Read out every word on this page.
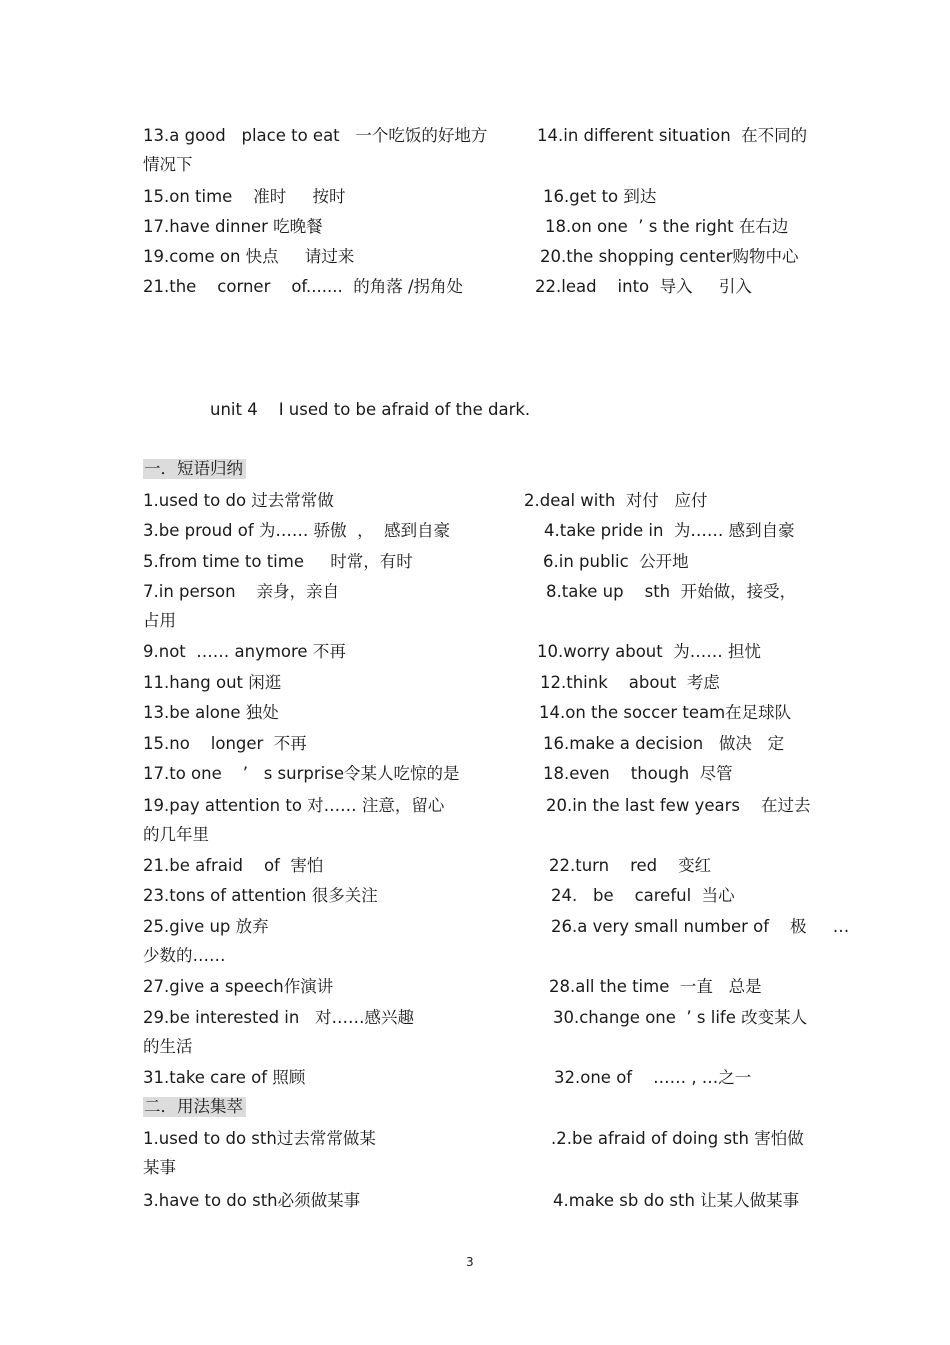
13.a good   place to eat   一个吃饭的好地方	14.in different situation  在不同的
情况下
15.on time    准时     按时	16.get to 到达
17.have dinner 吃晚餐	18.on one  ’ s the right 在右边
19.come on 快点     请过来	20.the shopping center购物中心
21.the    corner    of.......  的角落 /拐角处	22.lead    into  导入     引入
unit 4    I used to be afraid of the dark.
一．短语归纳
1.used to do 过去常常做	2.deal with  对付   应付
3.be proud of 为…… 骄傲  ，  感到自豪	4.take pride in  为…… 感到自豪
5.from time to time     时常，有时	6.in public  公开地
7.in person    亲身，亲自	8.take up    sth  开始做，接受，
占用
9.not  …… anymore 不再	10.worry about  为…… 担忧
11.hang out 闲逛	12.think    about  考虑
13.be alone 独处	14.on the soccer team在足球队
15.no    longer  不再	16.make a decision   做决   定
17.to one    ’   s surprise令某人吃惊的是	18.even    though  尽管
19.pay attention to 对…… 注意，留心	20.in the last few years    在过去
的几年里
21.be afraid    of  害怕	22.turn    red    变红
23.tons of attention 很多关注	24.   be    careful  当心
25.give up 放弃	26.a very small number of    极     …
少数的……
27.give a speech作演讲	28.all the time  一直   总是
29.be interested in   对……感兴趣	30.change one  ’ s life 改变某人
的生活
31.take care of 照顾	32.one of    …… , …之一
二．用法集萃
1.used to do sth过去常常做某	.2.be afraid of doing sth 害怕做
某事
3.have to do sth必须做某事	4.make sb do sth 让某人做某事
3
